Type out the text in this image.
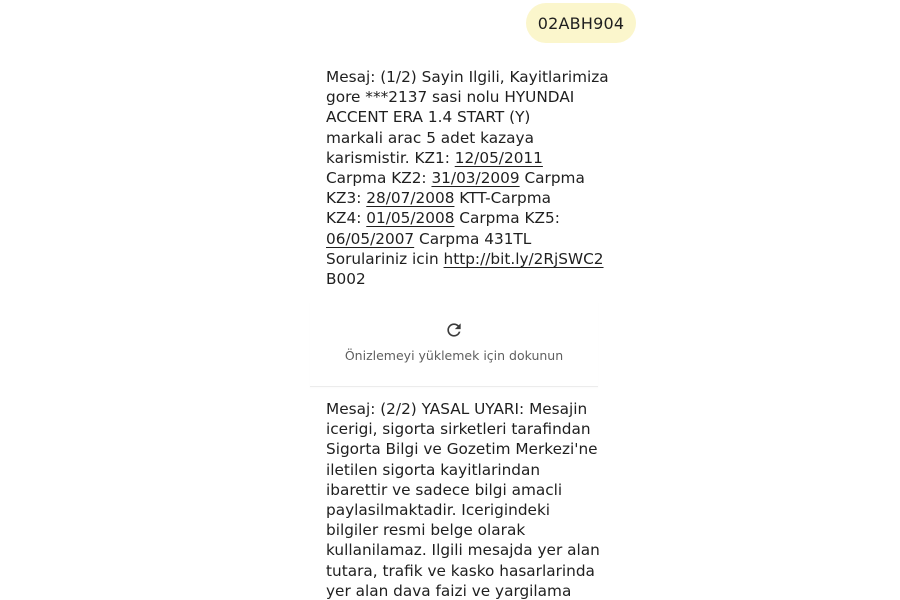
02ABH904
Mesaj: (1/2) Sayin Ilgili, Kayitlarimiza
gore ***2137 sasi nolu HYUNDAI
ACCENT ERA 1.4 START (Y)
markali arac 5 adet kazaya
karismistir. KZ1: 12/05/2011
Carpma KZ2: 31/03/2009 Carpma
KZ3: 28/07/2008 KTT-Carpma
KZ4: 01/05/2008 Carpma KZ5:
06/05/2007 Carpma 431TL
Sorulariniz icin http://bit.ly/2RjSWC2
B002
Önizlemeyi yüklemek için dokunun
Mesaj: (2/2) YASAL UYARI: Mesajin
icerigi, sigorta sirketleri tarafindan
Sigorta Bilgi ve Gozetim Merkezi'ne
iletilen sigorta kayitlarindan
ibarettir ve sadece bilgi amacli
paylasilmaktadir. Icerigindeki
bilgiler resmi belge olarak
kullanilamaz. Ilgili mesajda yer alan
tutara, trafik ve kasko hasarlarinda
yer alan dava faizi ve yargilama
